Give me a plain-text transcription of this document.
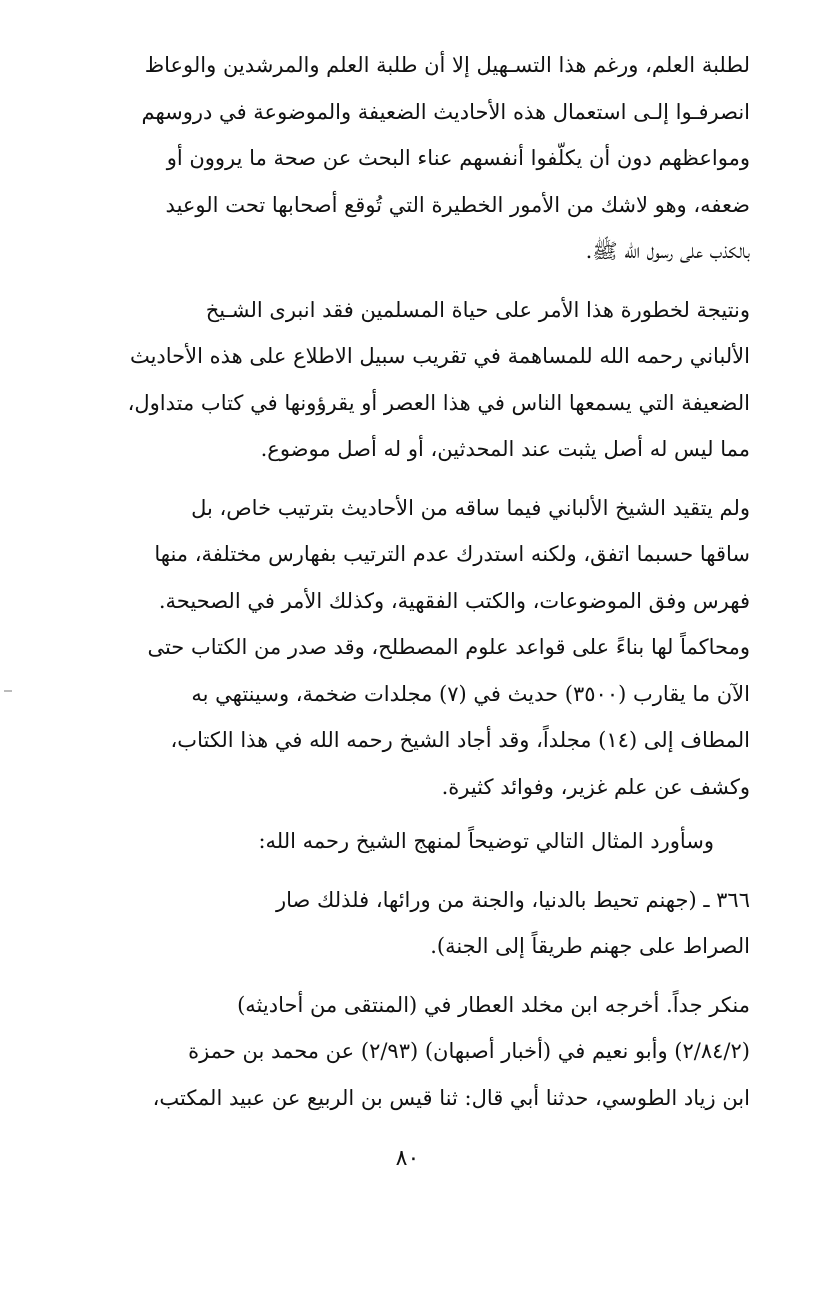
لطلبة العلم، ورغم هذا التسـهيل إلا أن طلبة العلم والمرشدين والوعاظ
انصرفـوا إلـى استعمال هذه الأحاديث الضعيفة والموضوعة في دروسهم
ومواعظهم دون أن يكلّفوا أنفسهم عناء البحث عن صحة ما يروون أو
ضعفه، وهو لاشك من الأمور الخطيرة التي تُوقع أصحابها تحت الوعيد
بالكذب على رسول الله ﷺ.

ونتيجة لخطورة هذا الأمر على حياة المسلمين فقد انبرى الشـيخ
الألباني رحمه الله للمساهمة في تقريب سبيل الاطلاع على هذه الأحاديث
الضعيفة التي يسمعها الناس في هذا العصر أو يقرؤونها في كتاب متداول،
مما ليس له أصل يثبت عند المحدثين، أو له أصل موضوع.

ولم يتقيد الشيخ الألباني فيما ساقه من الأحاديث بترتيب خاص، بل
ساقها حسبما اتفق، ولكنه استدرك عدم الترتيب بفهارس مختلفة، منها
فهرس وفق الموضوعات، والكتب الفقهية، وكذلك الأمر في الصحيحة.
ومحاكماً لها بناءً على قواعد علوم المصطلح، وقد صدر من الكتاب حتى
الآن ما يقارب (٣٥٠٠) حديث في (٧) مجلدات ضخمة، وسينتهي به
المطاف إلى (١٤) مجلداً، وقد أجاد الشيخ رحمه الله في هذا الكتاب،
وكشف عن علم غزير، وفوائد كثيرة.

وسأورد المثال التالي توضيحاً لمنهج الشيخ رحمه الله:

٣٦٦ ـ (جهنم تحيط بالدنيا، والجنة من ورائها، فلذلك صار
الصراط على جهنم طريقاً إلى الجنة).

منكر جداً. أخرجه ابن مخلد العطار في (المنتقى من أحاديثه)
(٢/٨٤/٢) وأبو نعيم في (أخبار أصبهان) (٢/٩٣) عن محمد بن حمزة
ابن زياد الطوسي، حدثنا أبي قال: ثنا قيس بن الربيع عن عبيد المكتب،

٨٠
